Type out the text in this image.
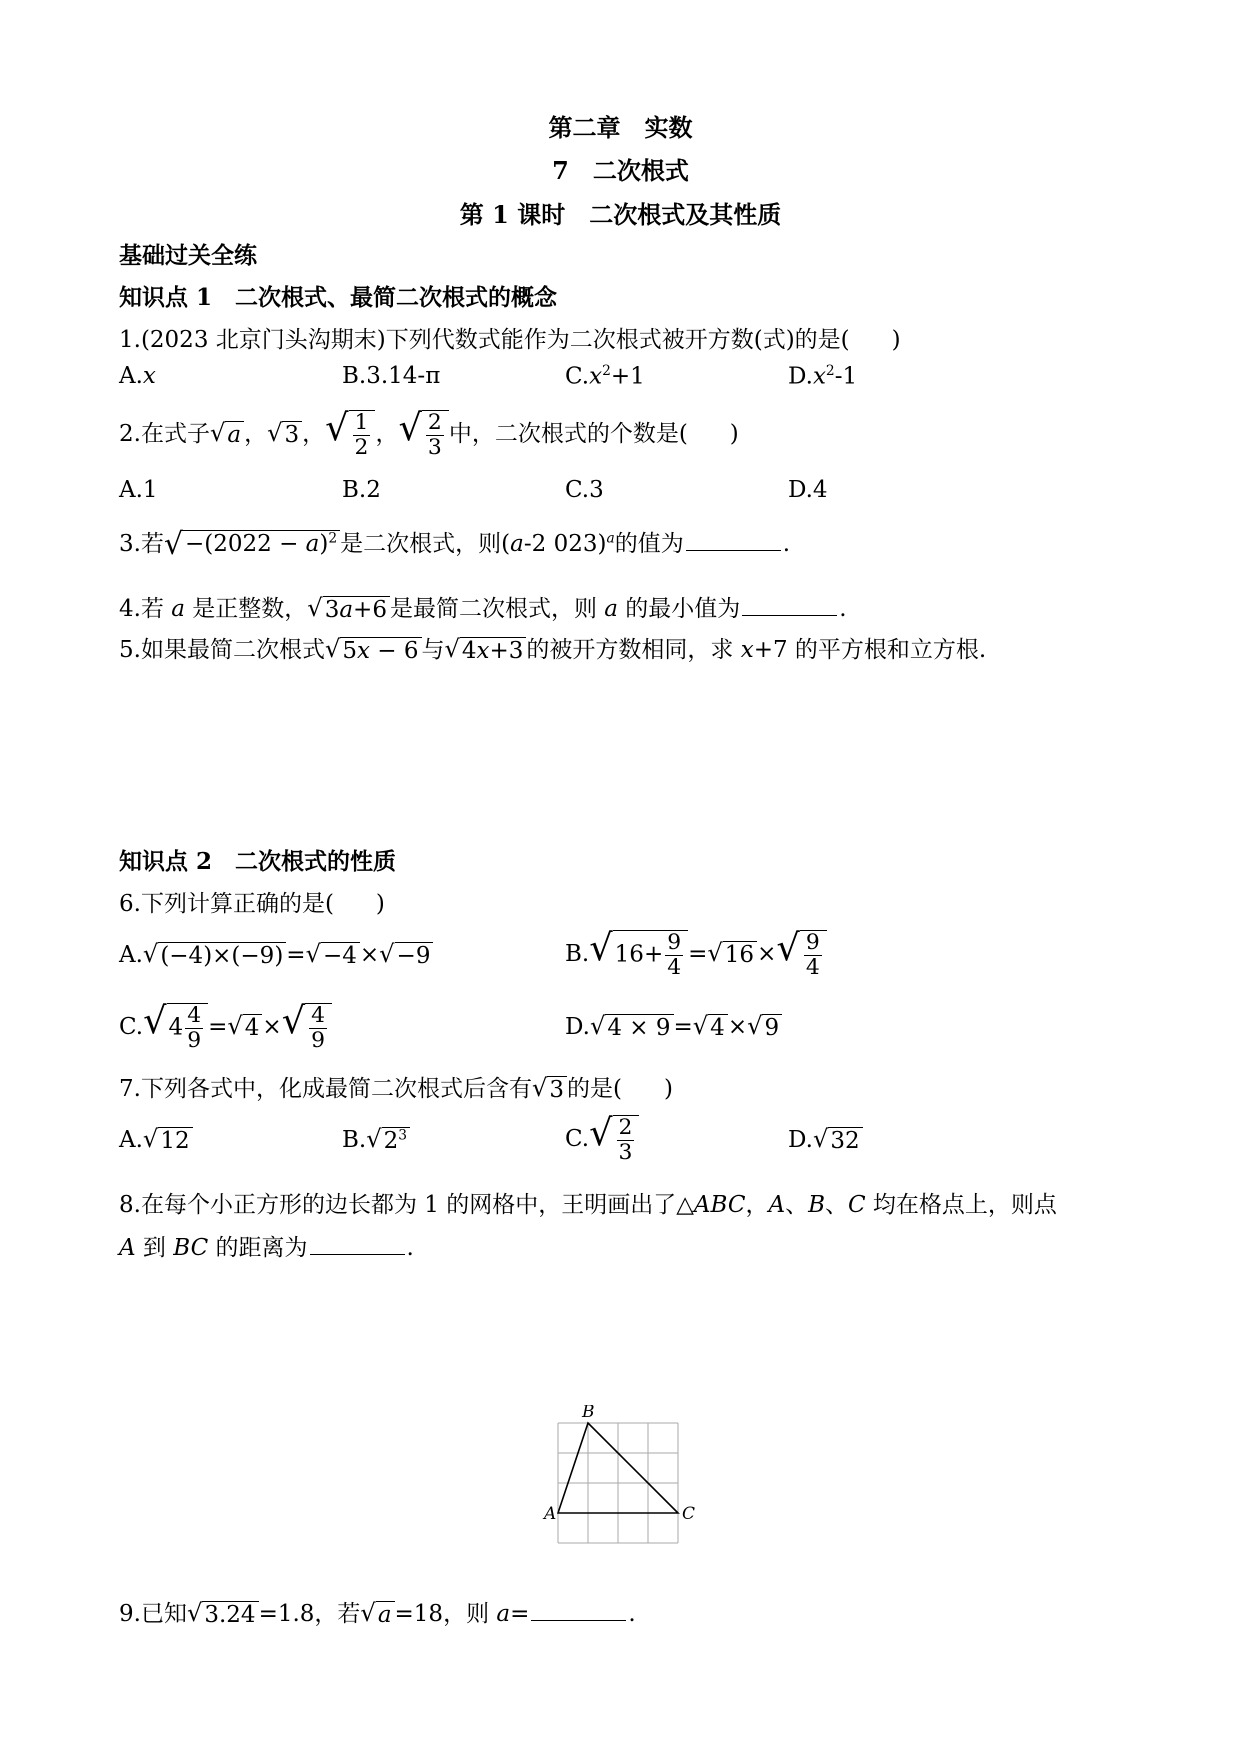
第二章　实数
7　二次根式
第 1 课时　二次根式及其性质
基础过关全练
知识点 1　二次根式、最简二次根式的概念
1.(2023 北京门头沟期末)下列代数式能作为二次根式被开方数(式)的是( )
A.x	B.3.14-π	$C.x^2+1$	$D.x^2-1$
2.在式子 √ a ， √ 3 ， √ $\frac{1}{2}$ ， √ $\frac{2}{3}$ 中，二次根式的个数是( )
A.1	B.2	C.3	D.4
3.若 √ $-(2022 - a)^2$ 是二次根式，则(a-2 023)$^a$的值为	.
4.若 a 是正整数， √ 3a+6 是最简二次根式，则 a 的最小值为	.
5.如果最简二次根式 √ 5x − 6 与 √ 4x+3 的被开方数相同，求 x+7 的平方根和立方根.
知识点 2　二次根式的性质
6.下列计算正确的是( )
A. √ (−4)×(−9) = √ −4 × √ −9	B. √ $16+ \frac{9}{4}$ = √ 16 × √ $\frac{9}{4}$
C. √ $4 \frac{4}{9}$ = √ 4 × √ $\frac{4}{9}$	D. √ 4 × 9 = √ 4 × √ 9
7.下列各式中，化成最简二次根式后含有 √ 3 的是( )
A. √ 12	B. √ $2^3$	C. √ $\frac{2}{3}$	D. √ 32
8.在每个小正方形的边长都为 1 的网格中，王明画出了△ABC，A、B、C 均在格点上，则点
A 到 BC 的距离为	.
A
B
C
9.已知 √ 3.24 =1.8，若 √ a =18，则 a=	.
